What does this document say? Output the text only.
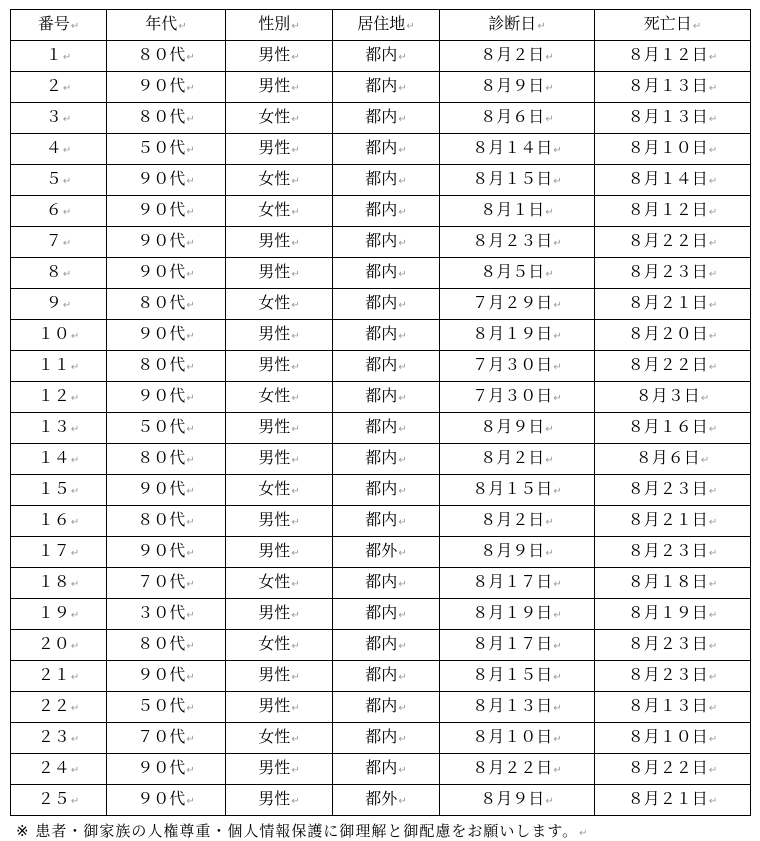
番号↵	年代↵	性別↵	居住地↵	診断日↵	死亡日↵
１↵	８０代↵	男性↵	都内↵	８月２日↵	８月１２日↵
２↵	９０代↵	男性↵	都内↵	８月９日↵	８月１３日↵
３↵	８０代↵	女性↵	都内↵	８月６日↵	８月１３日↵
４↵	５０代↵	男性↵	都内↵	８月１４日↵	８月１０日↵
５↵	９０代↵	女性↵	都内↵	８月１５日↵	８月１４日↵
６↵	９０代↵	女性↵	都内↵	８月１日↵	８月１２日↵
７↵	９０代↵	男性↵	都内↵	８月２３日↵	８月２２日↵
８↵	９０代↵	男性↵	都内↵	８月５日↵	８月２３日↵
９↵	８０代↵	女性↵	都内↵	７月２９日↵	８月２１日↵
１０↵	９０代↵	男性↵	都内↵	８月１９日↵	８月２０日↵
１１↵	８０代↵	男性↵	都内↵	７月３０日↵	８月２２日↵
１２↵	９０代↵	女性↵	都内↵	７月３０日↵	８月３日↵
１３↵	５０代↵	男性↵	都内↵	８月９日↵	８月１６日↵
１４↵	８０代↵	男性↵	都内↵	８月２日↵	８月６日↵
１５↵	９０代↵	女性↵	都内↵	８月１５日↵	８月２３日↵
１６↵	８０代↵	男性↵	都内↵	８月２日↵	８月２１日↵
１７↵	９０代↵	男性↵	都外↵	８月９日↵	８月２３日↵
１８↵	７０代↵	女性↵	都内↵	８月１７日↵	８月１８日↵
１９↵	３０代↵	男性↵	都内↵	８月１９日↵	８月１９日↵
２０↵	８０代↵	女性↵	都内↵	８月１７日↵	８月２３日↵
２１↵	９０代↵	男性↵	都内↵	８月１５日↵	８月２３日↵
２２↵	５０代↵	男性↵	都内↵	８月１３日↵	８月１３日↵
２３↵	７０代↵	女性↵	都内↵	８月１０日↵	８月１０日↵
２４↵	９０代↵	男性↵	都内↵	８月２２日↵	８月２２日↵
２５↵	９０代↵	男性↵	都外↵	８月９日↵	８月２１日↵
※ 患者・御家族の人権尊重・個人情報保護に御理解と御配慮をお願いします。↵
